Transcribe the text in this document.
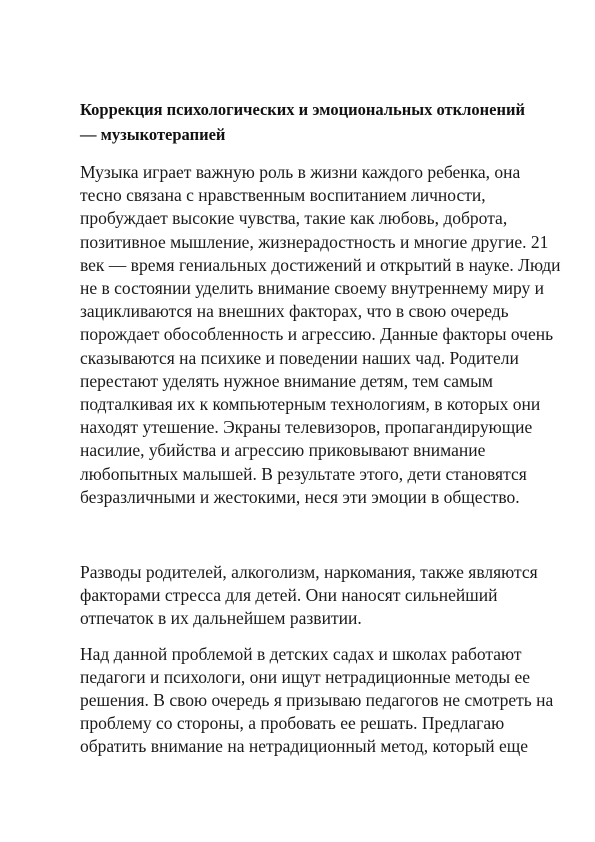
Коррекция психологических и эмоциональных отклонений
— музыкотерапией

Музыка играет важную роль в жизни каждого ребенка, она
тесно связана с нравственным воспитанием личности,
пробуждает высокие чувства, такие как любовь, доброта,
позитивное мышление, жизнерадостность и многие другие. 21
век — время гениальных достижений и открытий в науке. Люди
не в состоянии уделить внимание своему внутреннему миру и
зацикливаются на внешних факторах, что в свою очередь
порождает обособленность и агрессию. Данные факторы очень
сказываются на психике и поведении наших чад. Родители
перестают уделять нужное внимание детям, тем самым
подталкивая их к компьютерным технологиям, в которых они
находят утешение. Экраны телевизоров, пропагандирующие
насилие, убийства и агрессию приковывают внимание
любопытных малышей. В результате этого, дети становятся
безразличными и жестокими, неся эти эмоции в общество.

Разводы родителей, алкоголизм, наркомания, также являются
факторами стресса для детей. Они наносят сильнейший
отпечаток в их дальнейшем развитии.

Над данной проблемой в детских садах и школах работают
педагоги и психологи, они ищут нетрадиционные методы ее
решения. В свою очередь я призываю педагогов не смотреть на
проблему со стороны, а пробовать ее решать. Предлагаю
обратить внимание на нетрадиционный метод, который еще
